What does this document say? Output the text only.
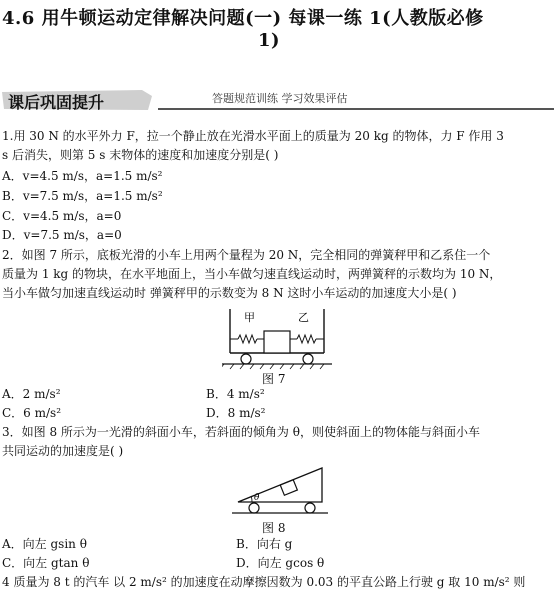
4.6 用牛顿运动定律解决问题(一) 每课一练 1(人教版必修
1)
课后巩固提升	答题规范训练 学习效果评估
1.用 30 N 的水平外力 F，拉一个静止放在光滑水平面上的质量为 20 kg 的物体，力 F 作用 3
s 后消失，则第 5 s 末物体的速度和加速度分别是( )
A．v=4.5 m/s，a=1.5 m/s²
B．v=7.5 m/s，a=1.5 m/s²
C．v=4.5 m/s，a=0
D．v=7.5 m/s，a=0
2．如图 7 所示，底板光滑的小车上用两个量程为 20 N，完全相同的弹簧秤甲和乙系住一个
质量为 1 kg 的物块，在水平地面上，当小车做匀速直线运动时，两弹簧秤的示数均为 10 N，
当小车做匀加速直线运动时 弹簧秤甲的示数变为 8 N 这时小车运动的加速度大小是( )
甲	乙
图 7
A．2 m/s²	B．4 m/s²
C．6 m/s²	D．8 m/s²
3．如图 8 所示为一光滑的斜面小车，若斜面的倾角为 θ，则使斜面上的物体能与斜面小车
共同运动的加速度是( )
θ
图 8
A．向左 gsin θ	B．向右 g
C．向左 gtan θ	D．向左 gcos θ
4 质量为 8 t 的汽车 以 2 m/s² 的加速度在动摩擦因数为 0.03 的平直公路上行驶 g 取 10 m/s² 则
